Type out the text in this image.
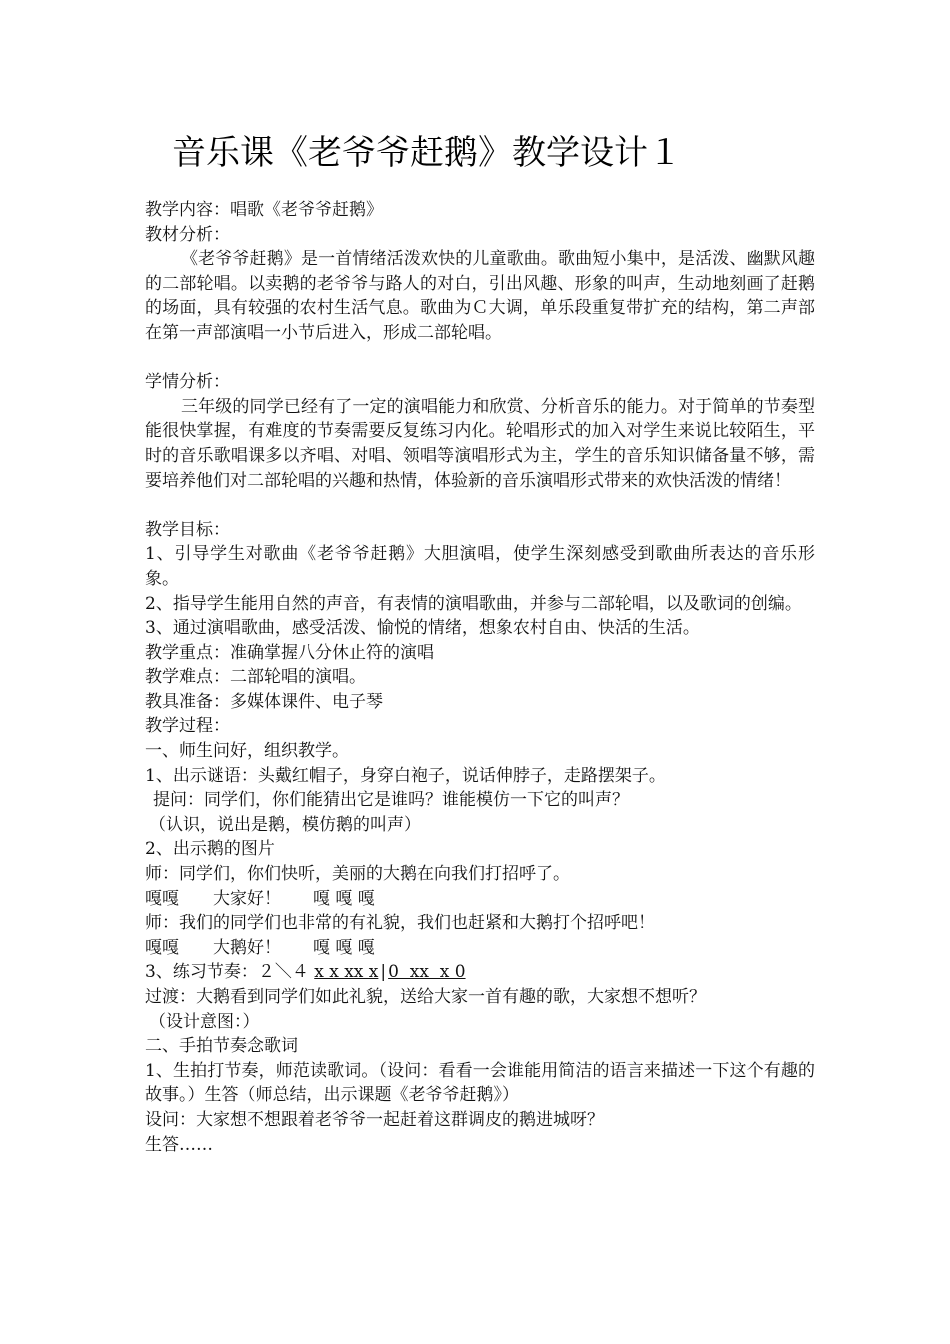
音乐课《老爷爷赶鹅》教学设计１

教学内容：唱歌《老爷爷赶鹅》

教材分析：

《老爷爷赶鹅》是一首情绪活泼欢快的儿童歌曲。歌曲短小集中，是活泼、幽默风趣的二部轮唱。以卖鹅的老爷爷与路人的对白，引出风趣、形象的叫声，生动地刻画了赶鹅的场面，具有较强的农村生活气息。歌曲为Ｃ大调，单乐段重复带扩充的结构，第二声部在第一声部演唱一小节后进入，形成二部轮唱。

学情分析：

三年级的同学已经有了一定的演唱能力和欣赏、分析音乐的能力。对于简单的节奏型能很快掌握，有难度的节奏需要反复练习内化。轮唱形式的加入对学生来说比较陌生，平时的音乐歌唱课多以齐唱、对唱、领唱等演唱形式为主，学生的音乐知识储备量不够，需要培养他们对二部轮唱的兴趣和热情，体验新的音乐演唱形式带来的欢快活泼的情绪！

教学目标：

1、引导学生对歌曲《老爷爷赶鹅》大胆演唱，使学生深刻感受到歌曲所表达的音乐形象。

2、指导学生能用自然的声音，有表情的演唱歌曲，并参与二部轮唱，以及歌词的创编。

3、通过演唱歌曲，感受活泼、愉悦的情绪，想象农村自由、快活的生活。

教学重点：准确掌握八分休止符的演唱

教学难点：二部轮唱的演唱。

教具准备：多媒体课件、电子琴

教学过程：

一、师生问好，组织教学。

1、出示谜语：头戴红帽子，身穿白袍子，说话伸脖子，走路摆架子。

提问：同学们，你们能猜出它是谁吗？谁能模仿一下它的叫声？

（认识，说出是鹅，模仿鹅的叫声）

2、出示鹅的图片

师：同学们，你们快听，美丽的大鹅在向我们打招呼了。

嘎嘎 大家好！ 嘎 嘎 嘎

师：我们的同学们也非常的有礼貌，我们也赶紧和大鹅打个招呼吧！

嘎嘎 大鹅好！ 嘎 嘎 嘎

3、练习节奏：２＼４ x x xx x | 0  xx  x 0

过渡：大鹅看到同学们如此礼貌，送给大家一首有趣的歌，大家想不想听？

（设计意图：）

二、手拍节奏念歌词

1、生拍打节奏，师范读歌词。（设问：看看一会谁能用简洁的语言来描述一下这个有趣的故事。）生答（师总结，出示课题《老爷爷赶鹅》）

设问：大家想不想跟着老爷爷一起赶着这群调皮的鹅进城呀？

生答……
